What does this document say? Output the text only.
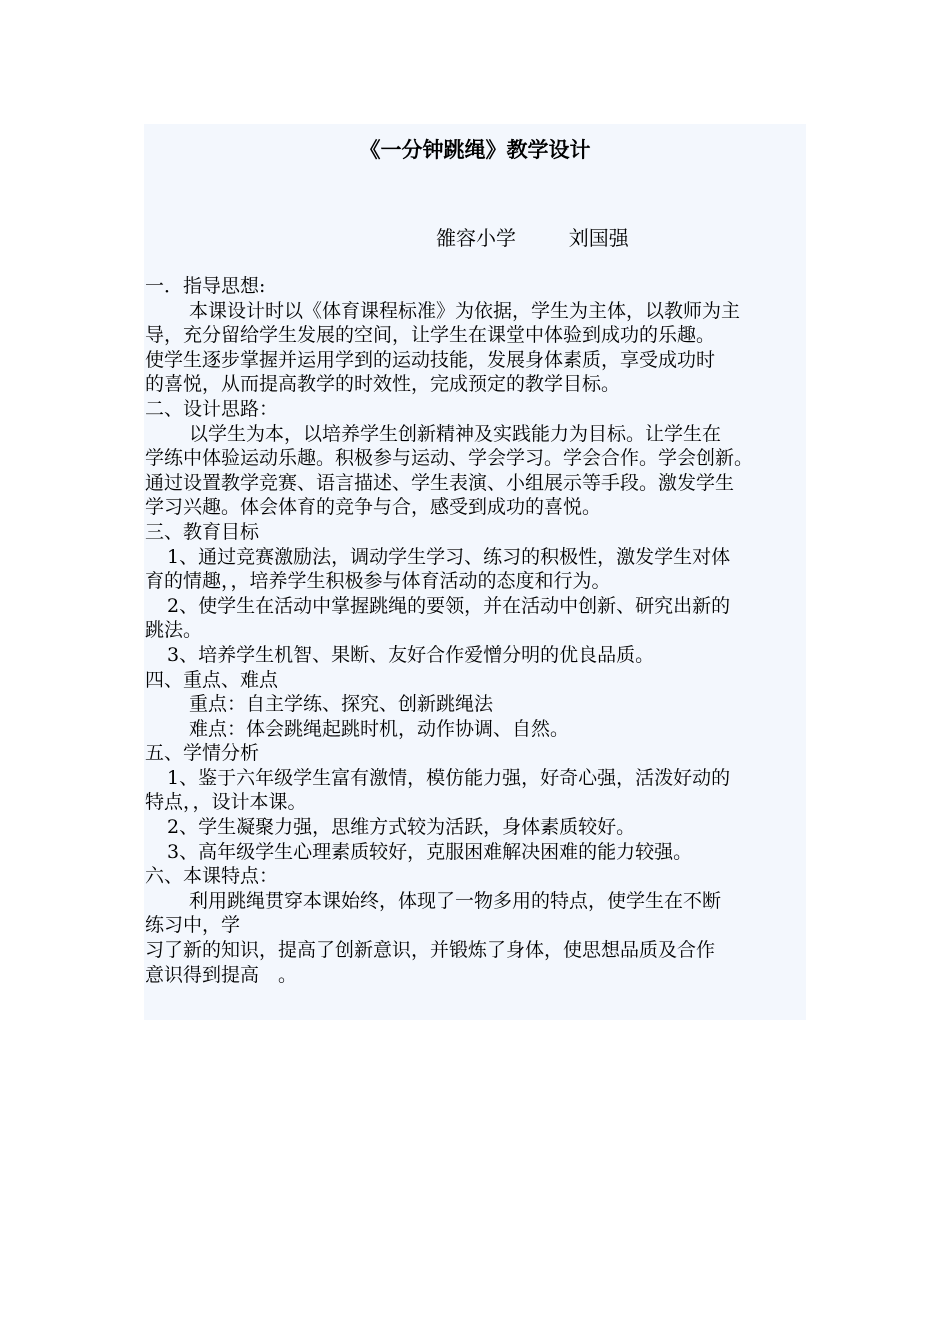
《一分钟跳绳》教学设计

雒容小学　　  刘国强

一．指导思想:

本课设计时以《体育课程标准》为依据，学生为主体，以教师为主

导，充分留给学生发展的空间，让学生在课堂中体验到成功的乐趣。

使学生逐步掌握并运用学到的运动技能，发展身体素质，享受成功时

的喜悦，从而提高教学的时效性，完成预定的教学目标。

二、设计思路：

以学生为本，以培养学生创新精神及实践能力为目标。让学生在

学练中体验运动乐趣。积极参与运动、学会学习。学会合作。学会创新。

通过设置教学竞赛、语言描述、学生表演、小组展示等手段。激发学生

学习兴趣。体会体育的竞争与合，感受到成功的喜悦。

三、教育目标

1、通过竞赛激励法，调动学生学习、练习的积极性，激发学生对体

育的情趣，，培养学生积极参与体育活动的态度和行为。

2、使学生在活动中掌握跳绳的要领，并在活动中创新、研究出新的

跳法。

3、培养学生机智、果断、友好合作爱憎分明的优良品质。

四、重点、难点

重点：自主学练、探究、创新跳绳法

难点：体会跳绳起跳时机，动作协调、自然。

五、学情分析

1、鉴于六年级学生富有激情，模仿能力强，好奇心强，活泼好动的

特点，，设计本课。

2、学生凝聚力强，思维方式较为活跃，身体素质较好。

3、高年级学生心理素质较好，克服困难解决困难的能力较强。

六、本课特点：

利用跳绳贯穿本课始终，体现了一物多用的特点，使学生在不断

练习中，学

习了新的知识，提高了创新意识，并锻炼了身体，使思想品质及合作

意识得到提高　。
